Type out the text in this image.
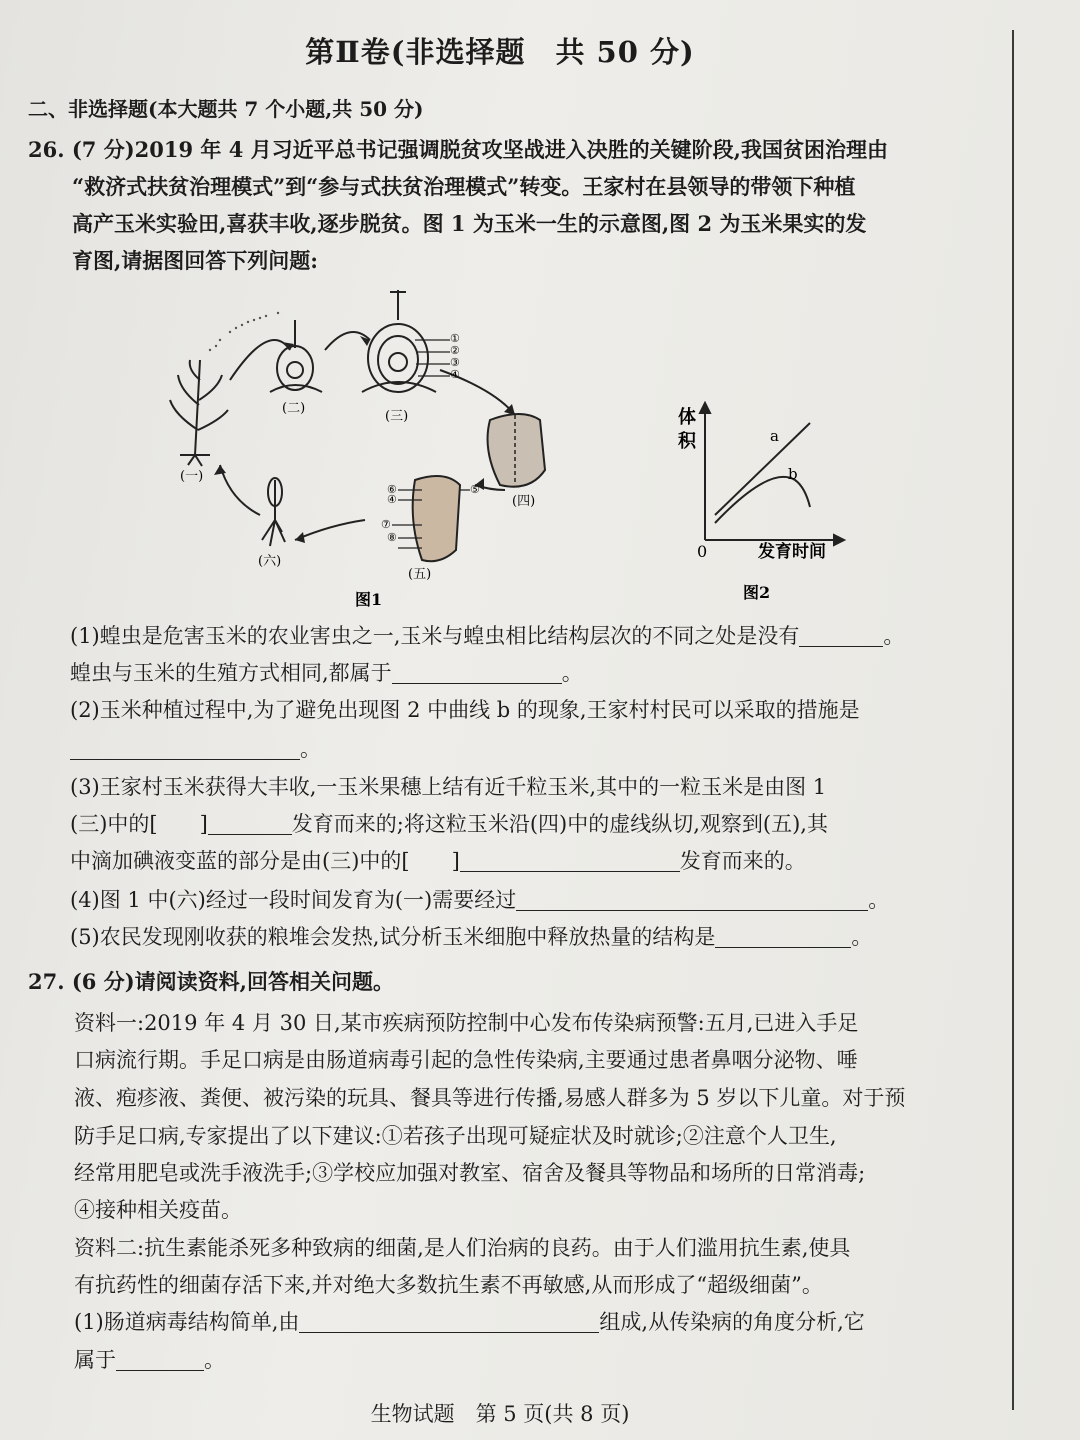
第Ⅱ卷(非选择题　共 50 分)
二、非选择题(本大题共 7 个小题,共 50 分)
26. (7 分)2019 年 4 月习近平总书记强调脱贫攻坚战进入决胜的关键阶段,我国贫困治理由
“救济式扶贫治理模式”到“参与式扶贫治理模式”转变。王家村在县领导的带领下种植
高产玉米实验田,喜获丰收,逐步脱贫。图 1 为玉米一生的示意图,图 2 为玉米果实的发
育图,请据图回答下列问题:
(一)
(二)
①
②
③
④
(三)
(四)
⑥
④
⑦
⑧
⑤
(五)
(六)
图1
体
积	a
b
0	发育时间
图2
(1)蝗虫是危害玉米的农业害虫之一,玉米与蝗虫相比结构层次的不同之处是没有	。
蝗虫与玉米的生殖方式相同,都属于	。
(2)玉米种植过程中,为了避免出现图 2 中曲线 b 的现象,王家村村民可以采取的措施是
。
(3)王家村玉米获得大丰收,一玉米果穗上结有近千粒玉米,其中的一粒玉米是由图 1
(三)中的[　　]	发育而来的;将这粒玉米沿(四)中的虚线纵切,观察到(五),其
中滴加碘液变蓝的部分是由(三)中的[　　]	发育而来的。
(4)图 1 中(六)经过一段时间发育为(一)需要经过	。
(5)农民发现刚收获的粮堆会发热,试分析玉米细胞中释放热量的结构是	。
27. (6 分)请阅读资料,回答相关问题。
资料一:2019 年 4 月 30 日,某市疾病预防控制中心发布传染病预警:五月,已进入手足
口病流行期。手足口病是由肠道病毒引起的急性传染病,主要通过患者鼻咽分泌物、唾
液、疱疹液、粪便、被污染的玩具、餐具等进行传播,易感人群多为 5 岁以下儿童。对于预
防手足口病,专家提出了以下建议:①若孩子出现可疑症状及时就诊;②注意个人卫生,
经常用肥皂或洗手液洗手;③学校应加强对教室、宿舍及餐具等物品和场所的日常消毒;
④接种相关疫苗。
资料二:抗生素能杀死多种致病的细菌,是人们治病的良药。由于人们滥用抗生素,使具
有抗药性的细菌存活下来,并对绝大多数抗生素不再敏感,从而形成了“超级细菌”。
(1)肠道病毒结构简单,由	组成,从传染病的角度分析,它
属于	。
生物试题　第 5 页(共 8 页)
